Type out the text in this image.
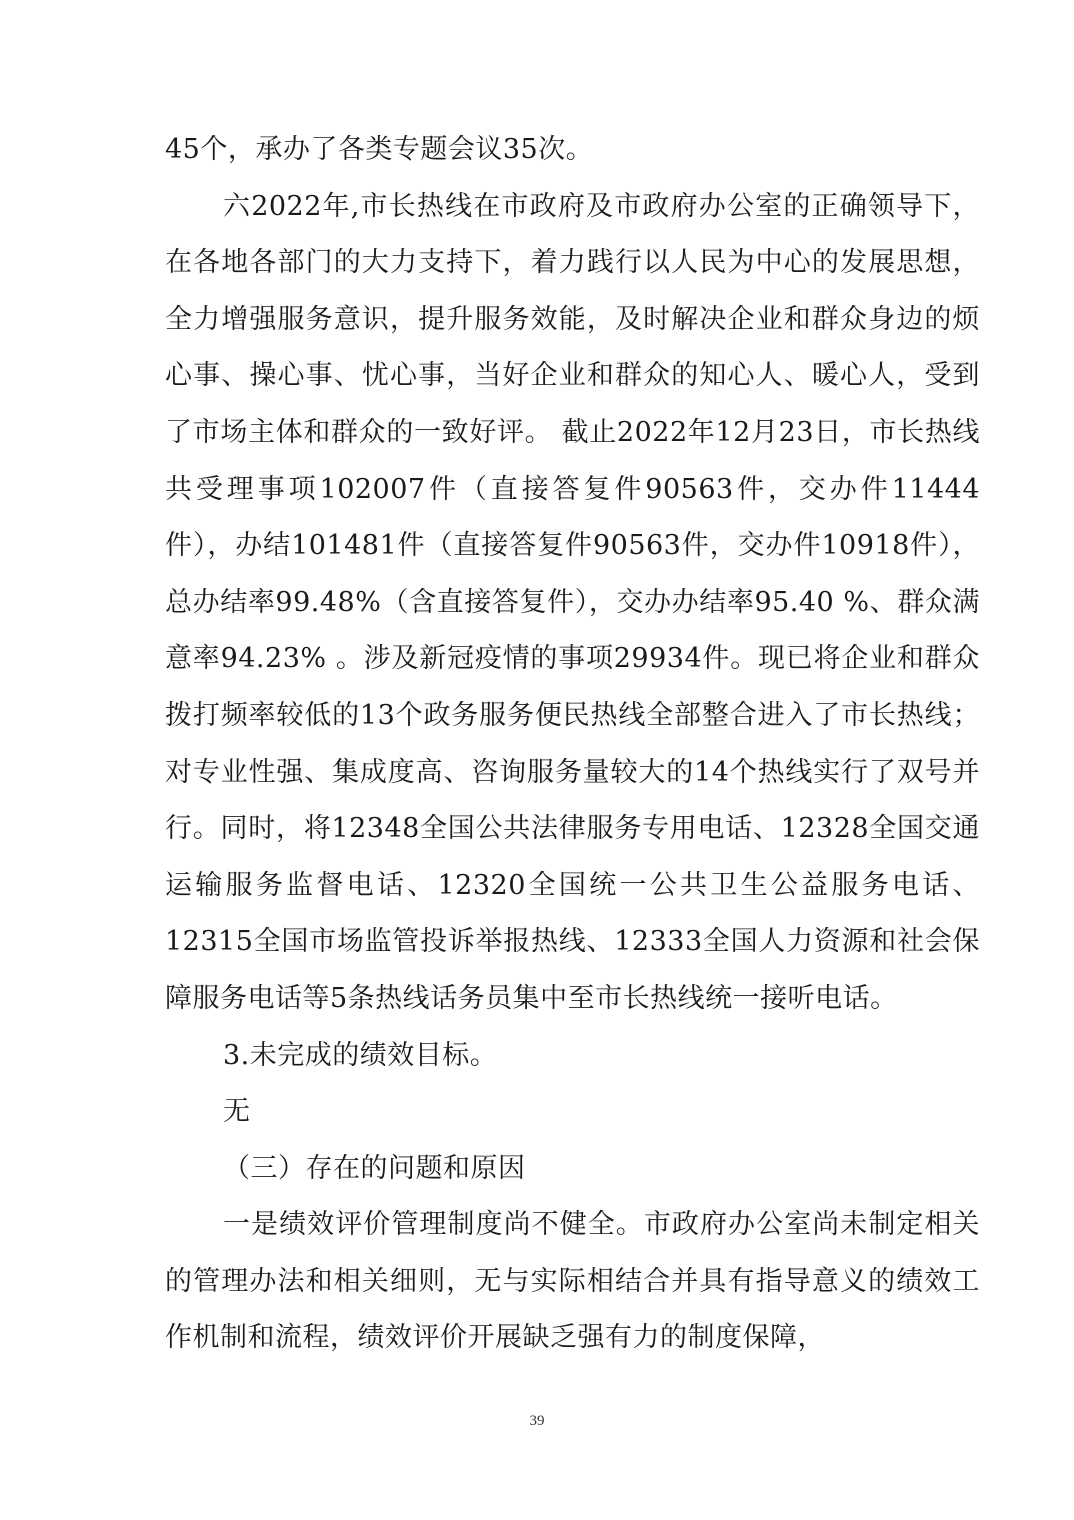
45个，承办了各类专题会议35次。

六2022年,市长热线在市政府及市政府办公室的正确领导下，在各地各部门的大力支持下，着力践行以人民为中心的发展思想，全力增强服务意识，提升服务效能，及时解决企业和群众身边的烦心事、操心事、忧心事，当好企业和群众的知心人、暖心人，受到了市场主体和群众的一致好评。 截止2022年12月23日，市长热线共受理事项102007件（直接答复件90563件，交办件11444件），办结101481件（直接答复件90563件，交办件10918件），总办结率99.48%（含直接答复件），交办办结率95.40 %、群众满意率94.23% 。涉及新冠疫情的事项29934件。现已将企业和群众拨打频率较低的13个政务服务便民热线全部整合进入了市长热线；对专业性强、集成度高、咨询服务量较大的14个热线实行了双号并行。同时，将12348全国公共法律服务专用电话、12328全国交通运输服务监督电话、12320全国统一公共卫生公益服务电话、12315全国市场监管投诉举报热线、12333全国人力资源和社会保障服务电话等5条热线话务员集中至市长热线统一接听电话。

3.未完成的绩效目标。

无

（三）存在的问题和原因

一是绩效评价管理制度尚不健全。市政府办公室尚未制定相关的管理办法和相关细则，无与实际相结合并具有指导意义的绩效工作机制和流程，绩效评价开展缺乏强有力的制度保障，

39
